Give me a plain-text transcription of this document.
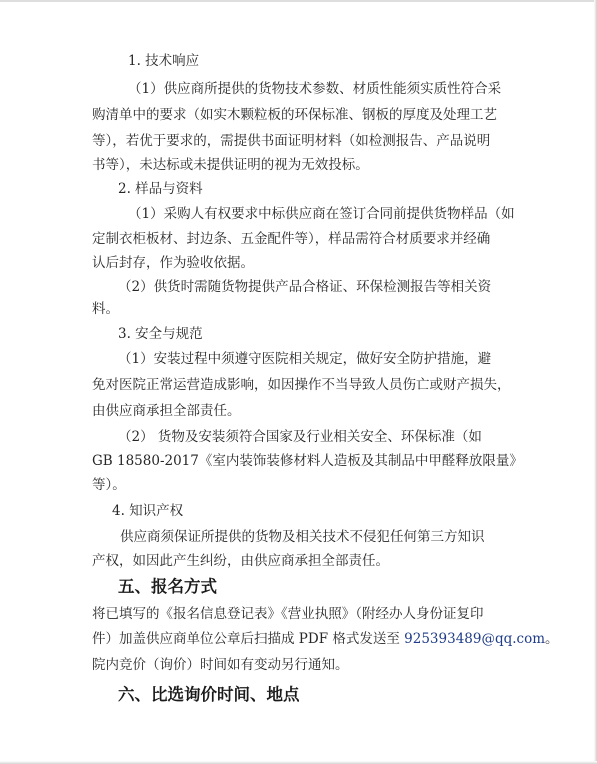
1. 技术响应
（1）供应商所提供的货物技术参数、材质性能须实质性符合采
购清单中的要求（如实木颗粒板的环保标准、钢板的厚度及处理工艺
等），若优于要求的，需提供书面证明材料（如检测报告、产品说明
书等），未达标或未提供证明的视为无效投标。
2. 样品与资料
（1）采购人有权要求中标供应商在签订合同前提供货物样品（如
定制衣柜板材、封边条、五金配件等），样品需符合材质要求并经确
认后封存，作为验收依据。
（2）供货时需随货物提供产品合格证、环保检测报告等相关资
料。
3. 安全与规范
（1）安装过程中须遵守医院相关规定，做好安全防护措施，避
免对医院正常运营造成影响，如因操作不当导致人员伤亡或财产损失，
由供应商承担全部责任。
（2） 货物及安装须符合国家及行业相关安全、环保标准（如
GB 18580-2017《室内装饰装修材料人造板及其制品中甲醛释放限量》
等）。
4. 知识产权
供应商须保证所提供的货物及相关技术不侵犯任何第三方知识
产权，如因此产生纠纷，由供应商承担全部责任。
五、报名方式
将已填写的《报名信息登记表》《营业执照》（附经办人身份证复印
件）加盖供应商单位公章后扫描成 PDF 格式发送至 925393489@qq.com。
院内竞价（询价）时间如有变动另行通知。
六、比选询价时间、地点
